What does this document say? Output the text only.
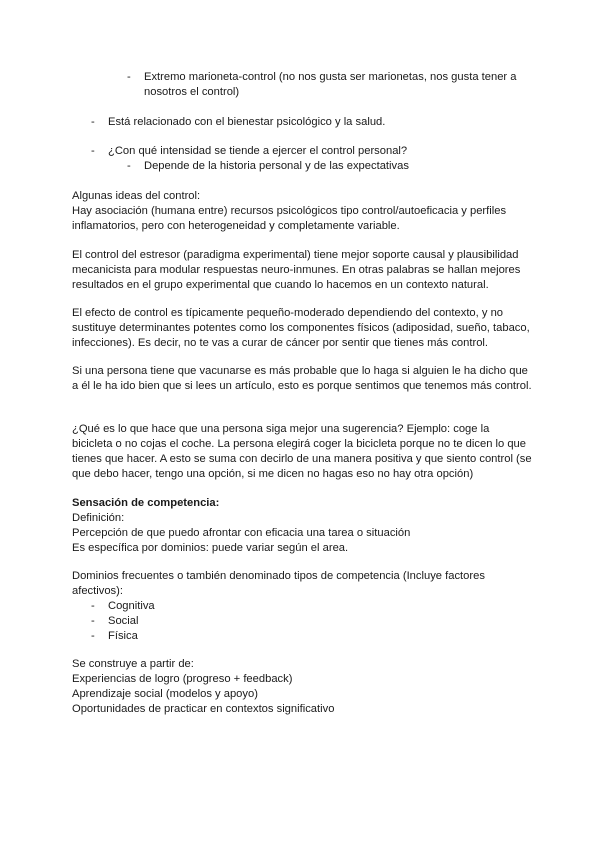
- Extremo marioneta-control (no nos gusta ser marionetas, nos gusta tener a nosotros el control)

- Está relacionado con el bienestar psicológico y la salud.

- ¿Con qué intensidad se tiende a ejercer el control personal?

- Depende de la historia personal y de las expectativas

Algunas ideas del control:

Hay asociación (humana entre) recursos psicológicos tipo control/autoeficacia y perfiles inflamatorios, pero con heterogeneidad y completamente variable.

El control del estresor (paradigma experimental) tiene mejor soporte causal y plausibilidad mecanicista para modular respuestas neuro-inmunes. En otras palabras se hallan mejores resultados en el grupo experimental que cuando lo hacemos en un contexto natural.

El efecto de control es típicamente pequeño-moderado dependiendo del contexto, y no sustituye determinantes potentes como los componentes físicos (adiposidad, sueño, tabaco, infecciones). Es decir, no te vas a curar de cáncer por sentir que tienes más control.

Si una persona tiene que vacunarse es más probable que lo haga si alguien le ha dicho que a él le ha ido bien que si lees un artículo, esto es porque sentimos que tenemos más control.

¿Qué es lo que hace que una persona siga mejor una sugerencia? Ejemplo: coge la bicicleta o no cojas el coche. La persona elegirá coger la bicicleta porque no te dicen lo que tienes que hacer. A esto se suma con decirlo de una manera positiva y que siento control (se que debo hacer, tengo una opción, si me dicen no hagas eso no hay otra opción)

Sensación de competencia:

Definición:

Percepción de que puedo afrontar con eficacia una tarea o situación

Es específica por dominios: puede variar según el area.

Dominios frecuentes o también denominado tipos de competencia (Incluye factores afectivos):

- Cognitiva

- Social

- Física

Se construye a partir de:

Experiencias de logro (progreso + feedback)

Aprendizaje social (modelos y apoyo)

Oportunidades de practicar en contextos significativo
